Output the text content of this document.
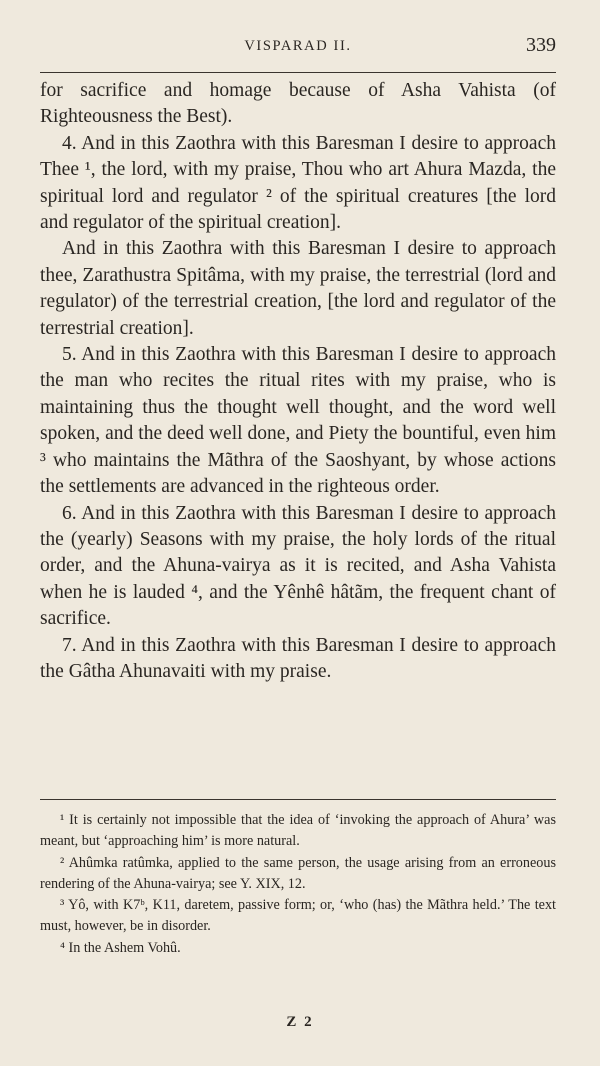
VISPARAD II.	339

for sacrifice and homage because of Asha Vahista (of Righteousness the Best).

4. And in this Zaothra with this Baresman I desire to approach Thee ¹, the lord, with my praise, Thou who art Ahura Mazda, the spiritual lord and regulator ² of the spiritual creatures [the lord and regulator of the spiritual creation].

And in this Zaothra with this Baresman I desire to approach thee, Zarathustra Spitâma, with my praise, the terrestrial (lord and regulator) of the terrestrial creation, [the lord and regulator of the terrestrial creation].

5. And in this Zaothra with this Baresman I desire to approach the man who recites the ritual rites with my praise, who is maintaining thus the thought well thought, and the word well spoken, and the deed well done, and Piety the bountiful, even him ³ who maintains the Mãthra of the Saoshyant, by whose actions the settlements are advanced in the righteous order.

6. And in this Zaothra with this Baresman I desire to approach the (yearly) Seasons with my praise, the holy lords of the ritual order, and the Ahuna-vairya as it is recited, and Asha Vahista when he is lauded ⁴, and the Yênhê hâtãm, the frequent chant of sacrifice.

7. And in this Zaothra with this Baresman I desire to approach the Gâtha Ahunavaiti with my praise.

¹ It is certainly not impossible that the idea of ‘invoking the approach of Ahura’ was meant, but ‘approaching him’ is more natural.

² Ahûmka ratûmka, applied to the same person, the usage arising from an erroneous rendering of the Ahuna-vairya; see Y. XIX, 12.

³ Yô, with K7ᵇ, K11, daretem, passive form; or, ‘who (has) the Mãthra held.’ The text must, however, be in disorder.

⁴ In the Ashem Vohû.

Z 2
